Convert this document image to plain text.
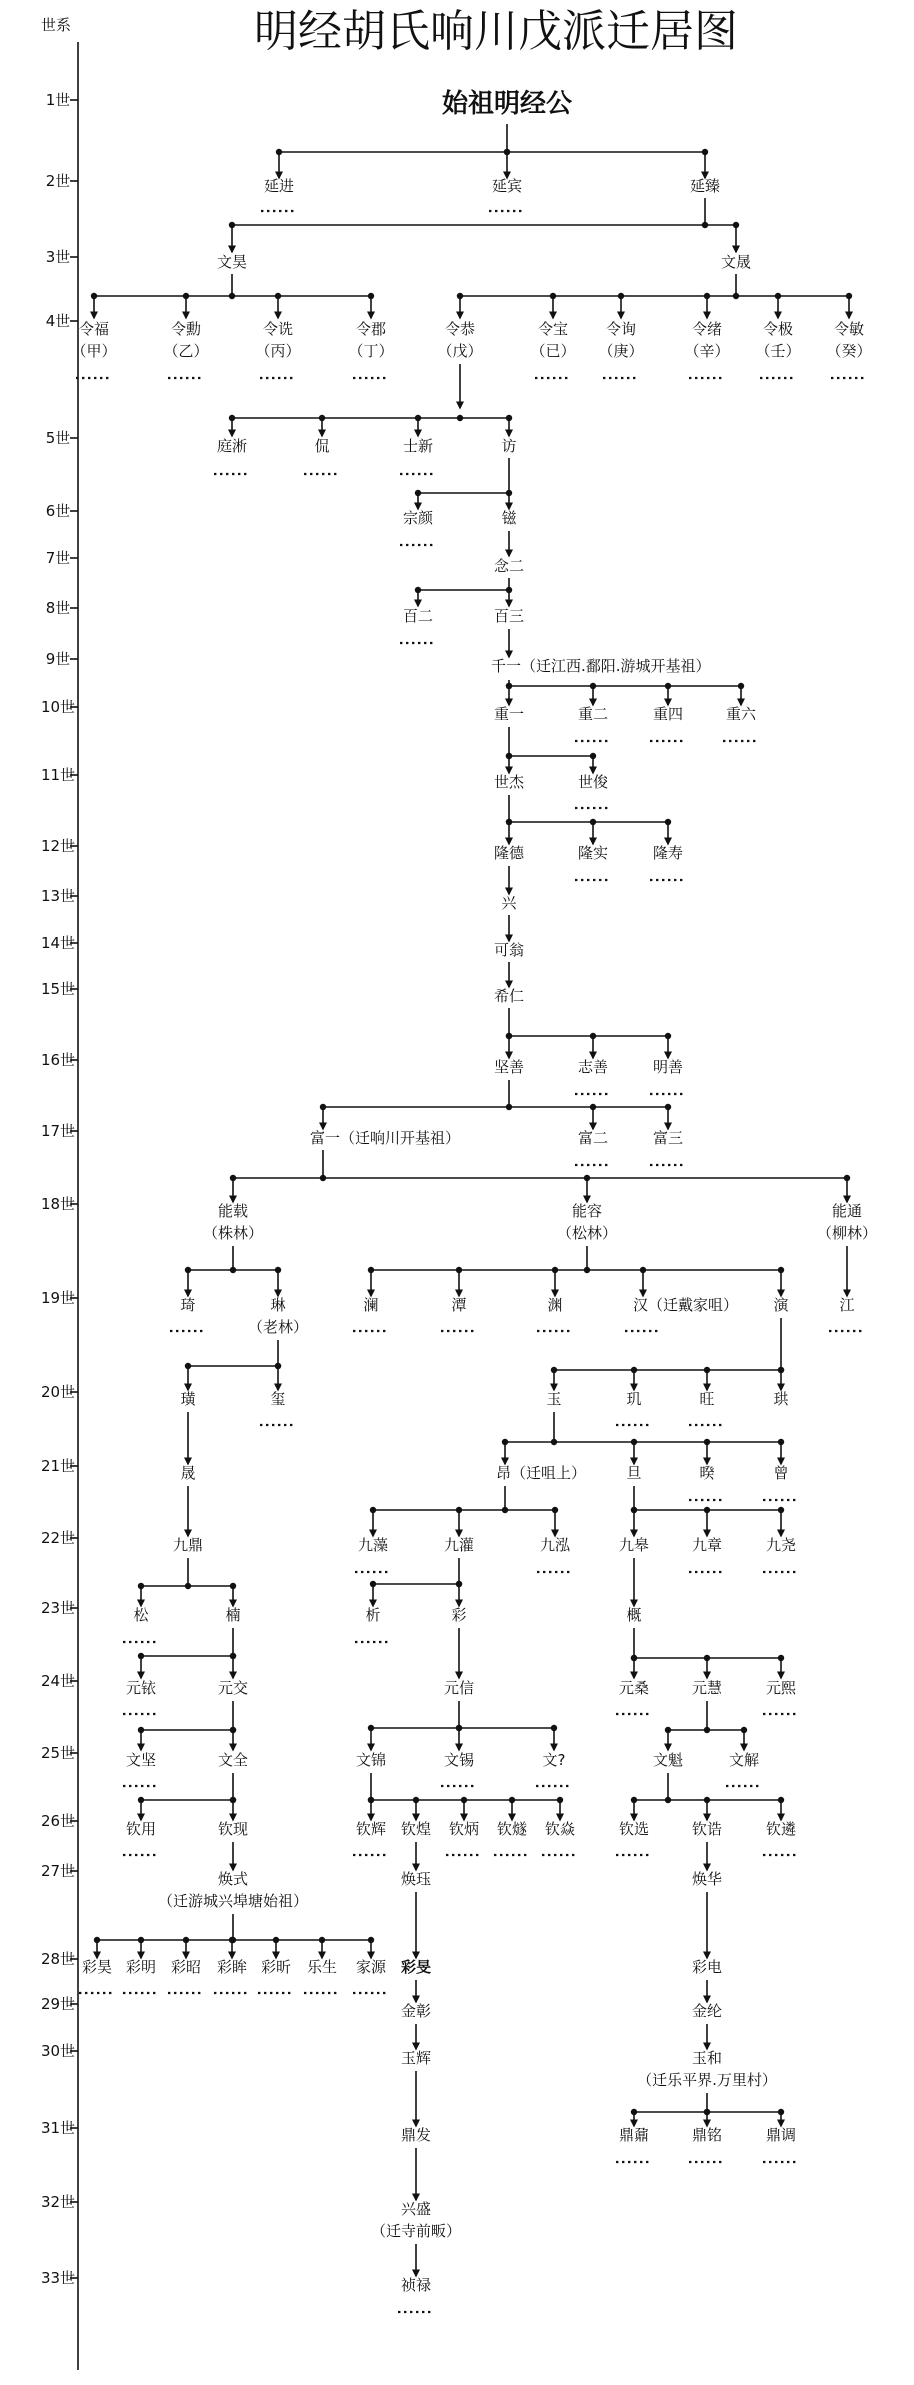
明经胡氏响川戊派迁居图
世系
1世
2世
3世
4世
5世
6世
7世
8世
9世
10世
11世
12世
13世
14世
15世
16世
17世
18世
19世
20世
21世
22世
23世
24世
25世
26世
27世
28世
29世
30世
31世
32世
33世
始祖明经公
延进	延宾	延臻
文昊	文晟
令福
（甲）
令勳
（乙）
令诜
（丙）
令郡
（丁）
令恭
（戊）
令宝
（已）
令询
（庚）
令绪
（辛）
令极
（壬）
令敏
（癸）
庭淅	侃	士新	访
宗颜	镃
念二
百二	百三
千一（迁江西.鄱阳.游城开基祖）
重一	重二	重四	重六
世杰	世俊
隆德	隆实	隆寿
兴
可翁
希仁
坚善	志善	明善
富一（迁响川开基祖）	富二	富三
能载
（株林）
能容
（松林）
能通
（柳林）
琦	琳
（老林）
澜	潭	渊	汉（迁戴家咀） 演	江
璜	玺	玉	玑	旺	珙
晟	昂（迁咀上）	旦	暌	曾
九鼎	九藻	九灌	九泓	九皋	九章	九尧
松	楠	析	彩	概
元铱	元交	元信	元桑	元慧	元熙
文坚	文全	文锦	文锡	文?	文魁	文解
钦用	钦现	钦辉 钦煌 钦炳 钦燧 钦焱	钦选	钦诰	钦遴
焕式
（迁游城兴埠塘始祖）
焕珏	焕华
彩昊 彩明 彩昭 彩眸 彩昕 乐生 家源 彩旻	彩电
金彰	金纶
玉辉	玉和
（迁乐平界.万里村）
鼎发	鼎鼐	鼎铭	鼎调
兴盛
（迁寺前畈）
祯禄
